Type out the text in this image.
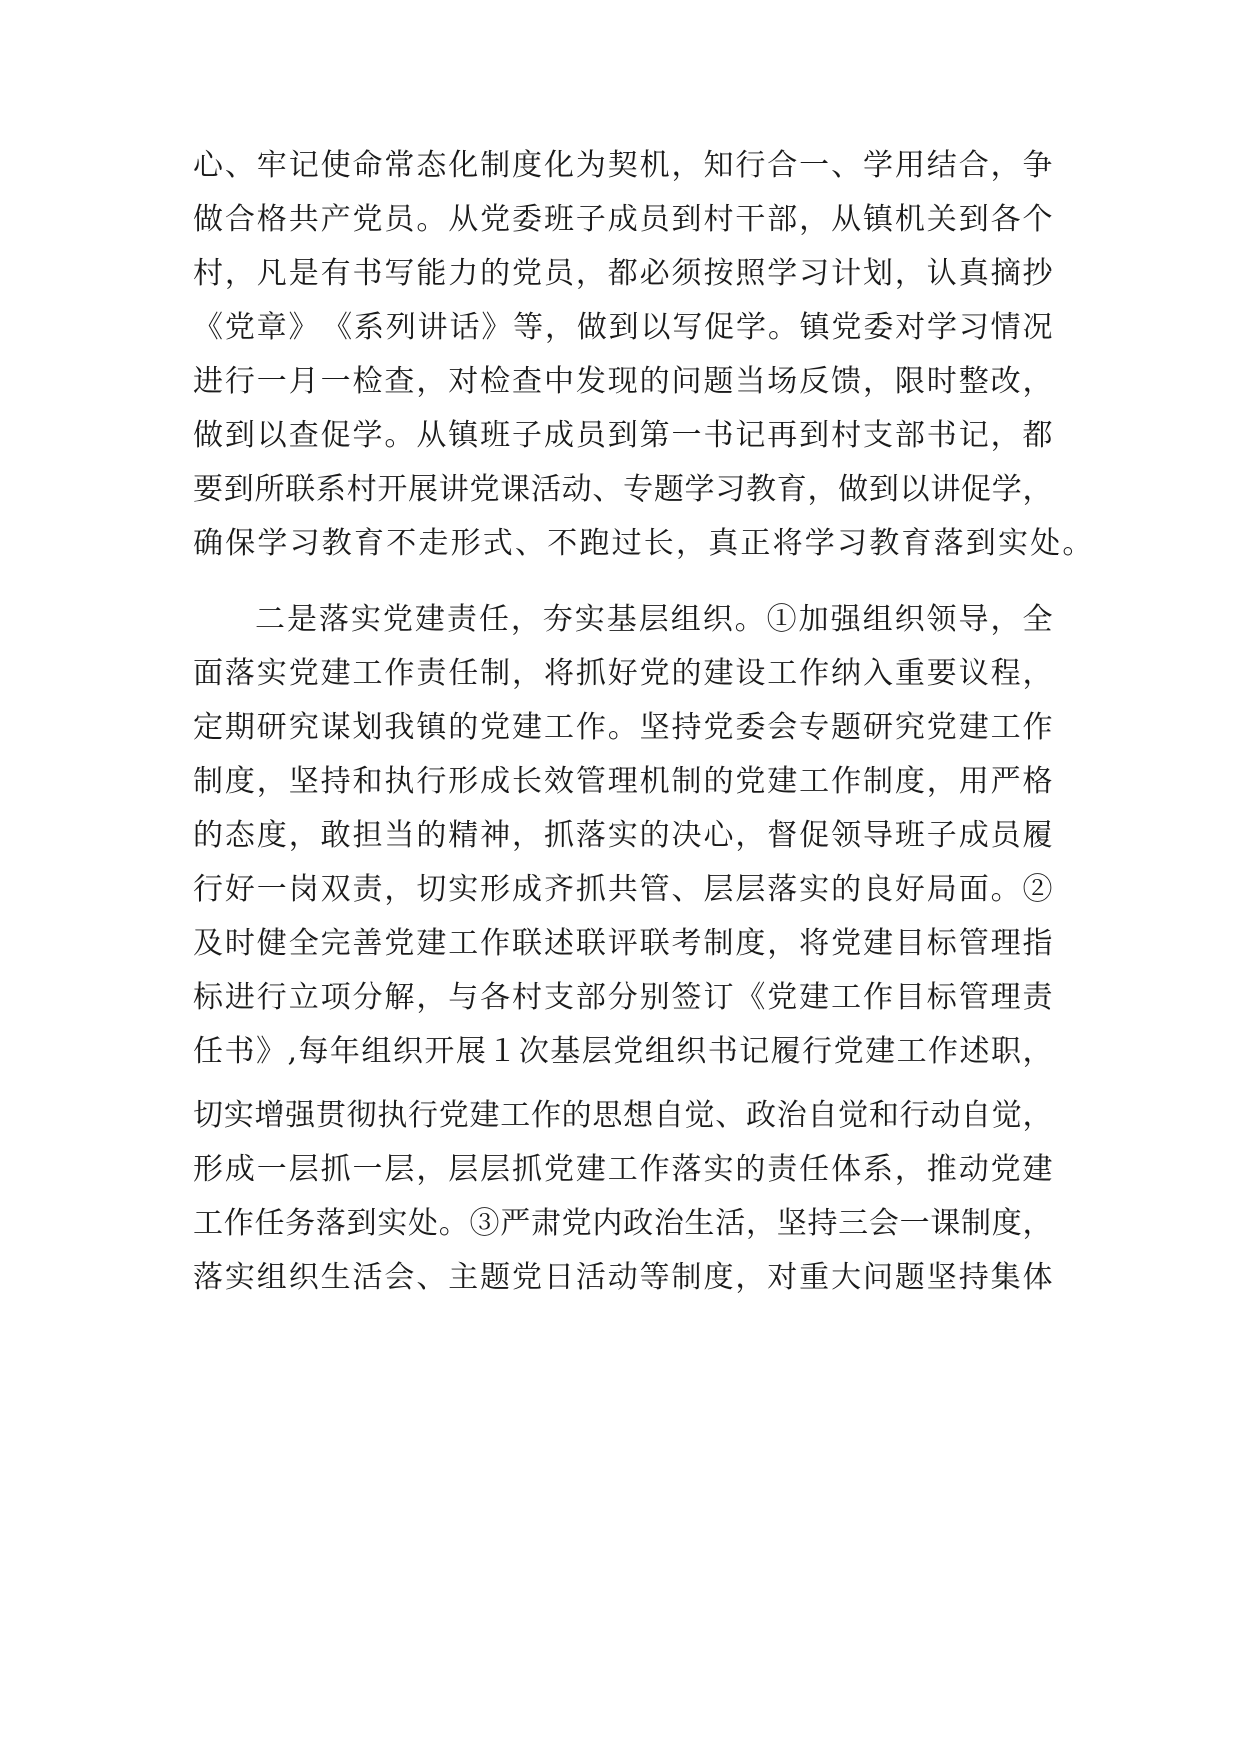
心、牢记使命常态化制度化为契机，知行合一、学用结合，争
做合格共产党员。从党委班子成员到村干部，从镇机关到各个
村，凡是有书写能力的党员，都必须按照学习计划，认真摘抄
《党章》　《系列讲话》等，做到以写促学。镇党委对学习情况
进行一月一检查，对检查中发现的问题当场反馈，限时整改，
做到以查促学。从镇班子成员到第一书记再到村支部书记，都
要到所联系村开展讲党课活动、专题学习教育，做到以讲促学，
确保学习教育不走形式、不跑过长，真正将学习教育落到实处。
二是落实党建责任，夯实基层组织。①加强组织领导，全
面落实党建工作责任制，将抓好党的建设工作纳入重要议程，
定期研究谋划我镇的党建工作。坚持党委会专题研究党建工作
制度，坚持和执行形成长效管理机制的党建工作制度，用严格
的态度，敢担当的精神，抓落实的决心，督促领导班子成员履
行好一岗双责，切实形成齐抓共管、层层落实的良好局面。②
及时健全完善党建工作联述联评联考制度，将党建目标管理指
标进行立项分解，与各村支部分别签订《党建工作目标管理责
任书》,每年组织开展１次基层党组织书记履行党建工作述职，
切实增强贯彻执行党建工作的思想自觉、政治自觉和行动自觉，
形成一层抓一层，层层抓党建工作落实的责任体系，推动党建
工作任务落到实处。③严肃党内政治生活，坚持三会一课制度，
落实组织生活会、主题党日活动等制度，对重大问题坚持集体
